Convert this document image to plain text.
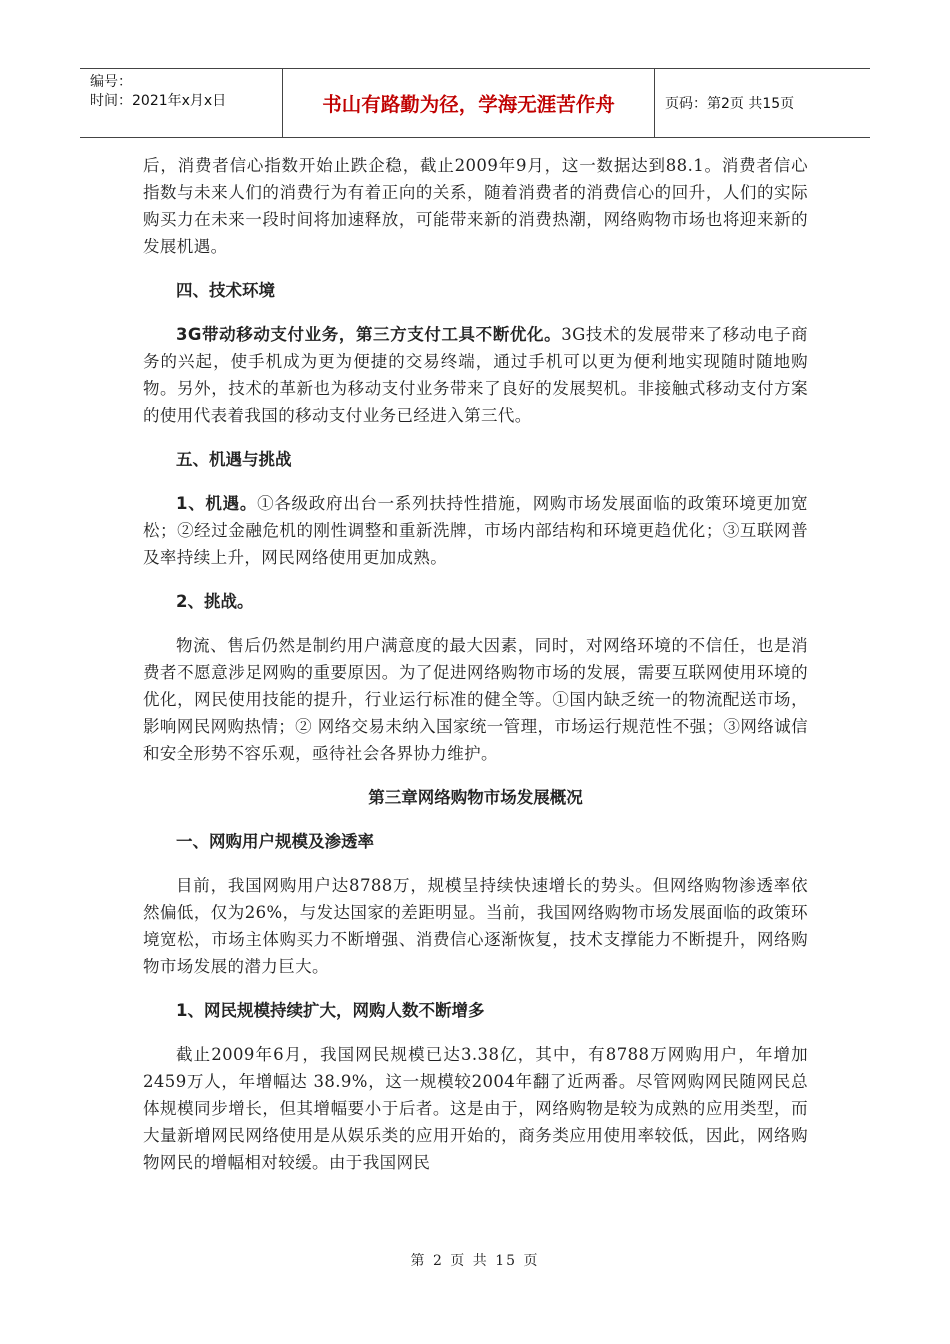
编号：
时间：2021年x月x日	书山有路勤为径，学海无涯苦作舟	页码：第2页 共15页

后，消费者信心指数开始止跌企稳，截止2009年9月，这一数据达到88.1。消费者信心指数与未来人们的消费行为有着正向的关系，随着消费者的消费信心的回升，人们的实际购买力在未来一段时间将加速释放，可能带来新的消费热潮，网络购物市场也将迎来新的发展机遇。

四、技术环境

3G带动移动支付业务，第三方支付工具不断优化。3G技术的发展带来了移动电子商务的兴起，使手机成为更为便捷的交易终端，通过手机可以更为便利地实现随时随地购物。另外，技术的革新也为移动支付业务带来了良好的发展契机。非接触式移动支付方案的使用代表着我国的移动支付业务已经进入第三代。

五、机遇与挑战

1、机遇。①各级政府出台一系列扶持性措施，网购市场发展面临的政策环境更加宽松；②经过金融危机的刚性调整和重新洗牌，市场内部结构和环境更趋优化；③互联网普及率持续上升，网民网络使用更加成熟。

2、挑战。

物流、售后仍然是制约用户满意度的最大因素，同时，对网络环境的不信任，也是消费者不愿意涉足网购的重要原因。为了促进网络购物市场的发展，需要互联网使用环境的优化，网民使用技能的提升，行业运行标准的健全等。①国内缺乏统一的物流配送市场，影响网民网购热情；② 网络交易未纳入国家统一管理，市场运行规范性不强；③网络诚信和安全形势不容乐观，亟待社会各界协力维护。

第三章网络购物市场发展概况

一、网购用户规模及渗透率

目前，我国网购用户达8788万，规模呈持续快速增长的势头。但网络购物渗透率依然偏低，仅为26%，与发达国家的差距明显。当前，我国网络购物市场发展面临的政策环境宽松，市场主体购买力不断增强、消费信心逐渐恢复，技术支撑能力不断提升，网络购物市场发展的潜力巨大。

1、网民规模持续扩大，网购人数不断增多

截止2009年6月，我国网民规模已达3.38亿，其中，有8788万网购用户，年增加2459万人，年增幅达 38.9%，这一规模较2004年翻了近两番。尽管网购网民随网民总体规模同步增长，但其增幅要小于后者。这是由于，网络购物是较为成熟的应用类型，而大量新增网民网络使用是从娱乐类的应用开始的，商务类应用使用率较低，因此，网络购物网民的增幅相对较缓。由于我国网民

第 2 页 共 15 页
